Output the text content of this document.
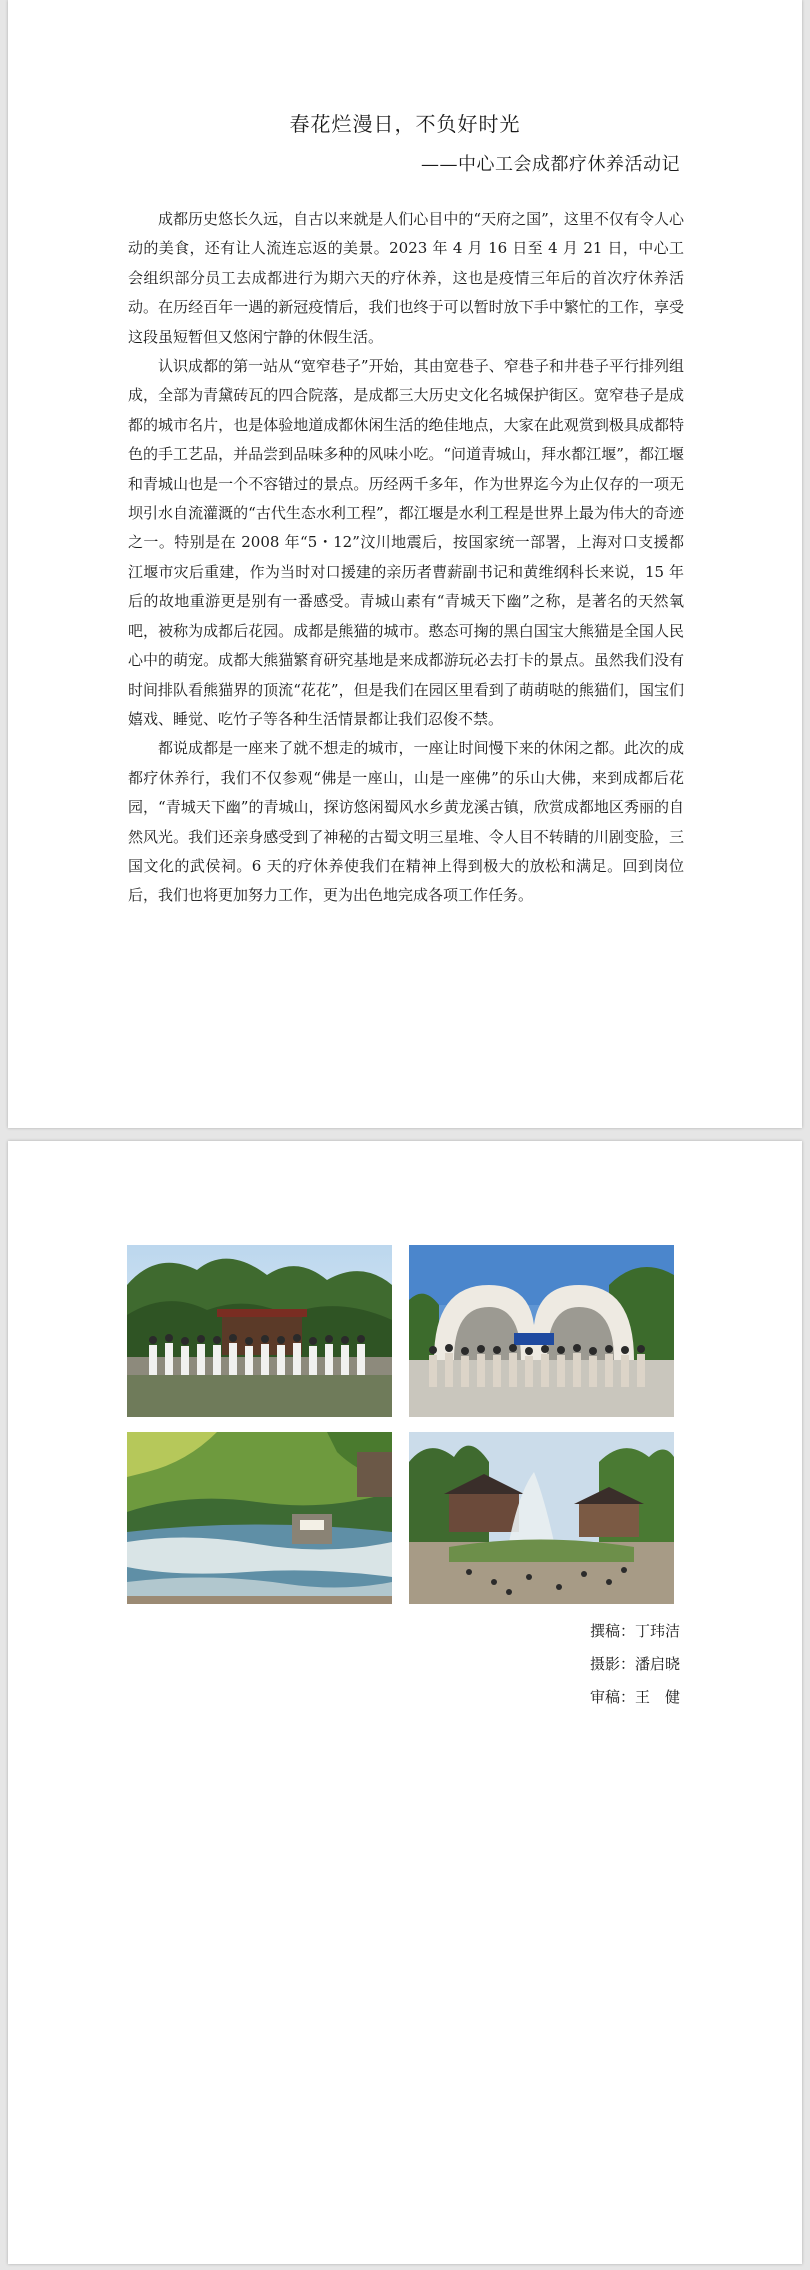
春花烂漫日，不负好时光

——中心工会成都疗休养活动记

成都历史悠长久远，自古以来就是人们心目中的“天府之国”，这里不仅有令人心动的美食，还有让人流连忘返的美景。2023 年 4 月 16 日至 4 月 21 日，中心工会组织部分员工去成都进行为期六天的疗休养，这也是疫情三年后的首次疗休养活动。在历经百年一遇的新冠疫情后，我们也终于可以暂时放下手中繁忙的工作，享受这段虽短暂但又悠闲宁静的休假生活。

认识成都的第一站从“宽窄巷子”开始，其由宽巷子、窄巷子和井巷子平行排列组成，全部为青黛砖瓦的四合院落，是成都三大历史文化名城保护街区。宽窄巷子是成都的城市名片，也是体验地道成都休闲生活的绝佳地点，大家在此观赏到极具成都特色的手工艺品，并品尝到品味多种的风味小吃。“问道青城山，拜水都江堰”，都江堰和青城山也是一个不容错过的景点。历经两千多年，作为世界迄今为止仅存的一项无坝引水自流灌溉的“古代生态水利工程”，都江堰是水利工程是世界上最为伟大的奇迹之一。特别是在 2008 年“5・12”汶川地震后，按国家统一部署，上海对口支援都江堰市灾后重建，作为当时对口援建的亲历者曹薪副书记和黄维纲科长来说，15 年后的故地重游更是别有一番感受。青城山素有“青城天下幽”之称，是著名的天然氧吧，被称为成都后花园。成都是熊猫的城市。憨态可掬的黑白国宝大熊猫是全国人民心中的萌宠。成都大熊猫繁育研究基地是来成都游玩必去打卡的景点。虽然我们没有时间排队看熊猫界的顶流“花花”，但是我们在园区里看到了萌萌哒的熊猫们，国宝们嬉戏、睡觉、吃竹子等各种生活情景都让我们忍俊不禁。

都说成都是一座来了就不想走的城市，一座让时间慢下来的休闲之都。此次的成都疗休养行，我们不仅参观“佛是一座山，山是一座佛”的乐山大佛，来到成都后花园，“青城天下幽”的青城山，探访悠闲蜀风水乡黄龙溪古镇，欣赏成都地区秀丽的自然风光。我们还亲身感受到了神秘的古蜀文明三星堆、令人目不转睛的川剧变脸，三国文化的武侯祠。6 天的疗休养使我们在精神上得到极大的放松和满足。回到岗位后，我们也将更加努力工作，更为出色地完成各项工作任务。

撰稿：丁玮洁
摄影：潘启晓
审稿：王　健
